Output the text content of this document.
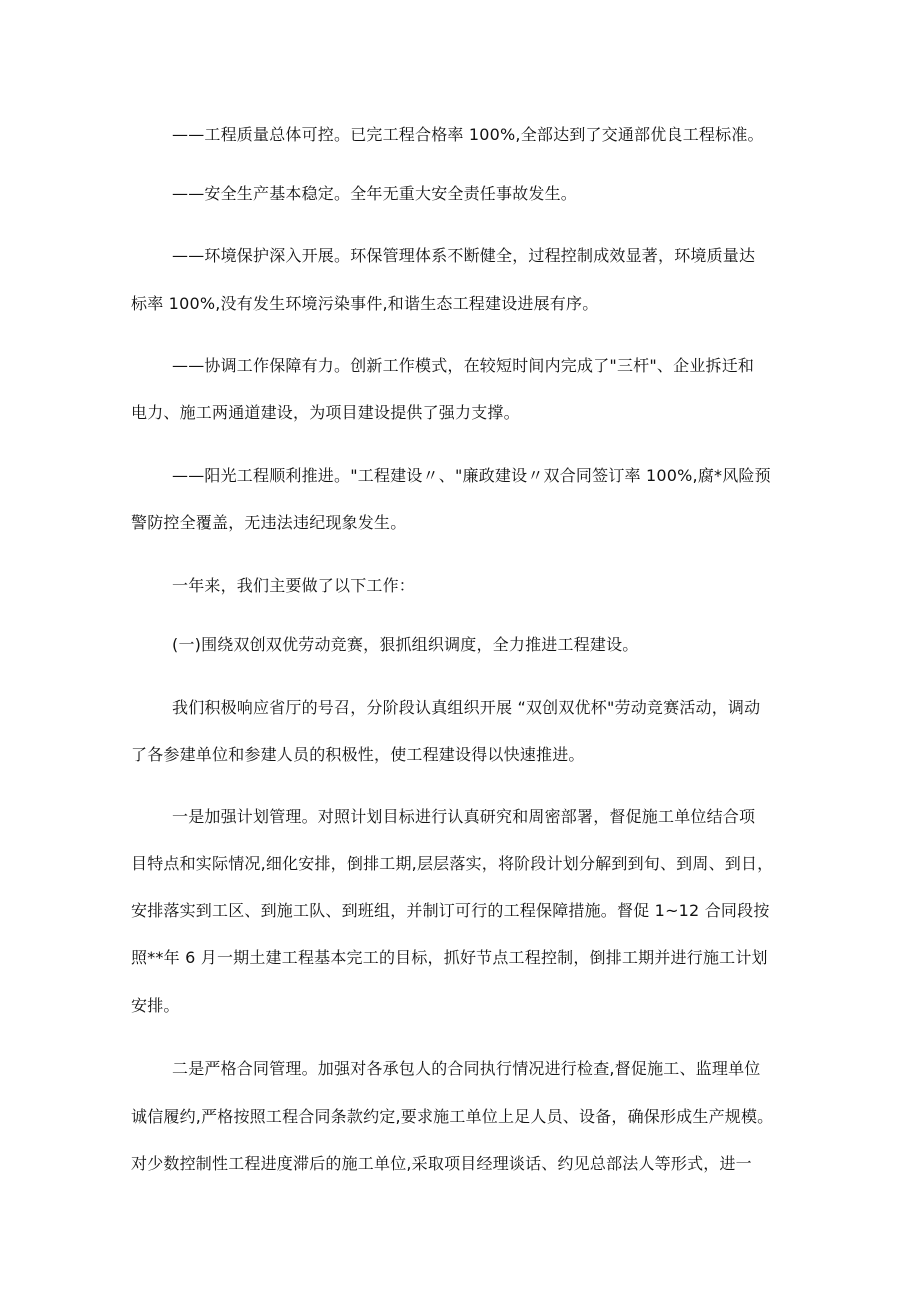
——工程质量总体可控。已完工程合格率 100%,全部达到了交通部优良工程标准。
——安全生产基本稳定。全年无重大安全责任事故发生。
——环境保护深入开展。环保管理体系不断健全，过程控制成效显著，环境质量达
标率 100%,没有发生环境污染事件,和谐生态工程建设进展有序。
——协调工作保障有力。创新工作模式，在较短时间内完成了"三杆"、企业拆迁和
电力、施工两通道建设，为项目建设提供了强力支撑。
——阳光工程顺利推进。"工程建设〃、"廉政建设〃双合同签订率 100%,腐*风险预
警防控全覆盖，无违法违纪现象发生。
一年来，我们主要做了以下工作：
(一)围绕双创双优劳动竞赛，狠抓组织调度，全力推进工程建设。
我们积极响应省厅的号召，分阶段认真组织开展 “双创双优杯"劳动竞赛活动，调动
了各参建单位和参建人员的积极性，使工程建设得以快速推进。
一是加强计划管理。对照计划目标进行认真研究和周密部署，督促施工单位结合项
目特点和实际情况,细化安排，倒排工期,层层落实，将阶段计划分解到到旬、到周、到日，
安排落实到工区、到施工队、到班组，并制订可行的工程保障措施。督促 1~12 合同段按
照**年 6 月一期土建工程基本完工的目标，抓好节点工程控制，倒排工期并进行施工计划
安排。
二是严格合同管理。加强对各承包人的合同执行情况进行检查,督促施工、监理单位
诚信履约,严格按照工程合同条款约定,要求施工单位上足人员、设备，确保形成生产规模。
对少数控制性工程进度滞后的施工单位,采取项目经理谈话、约见总部法人等形式，进一
